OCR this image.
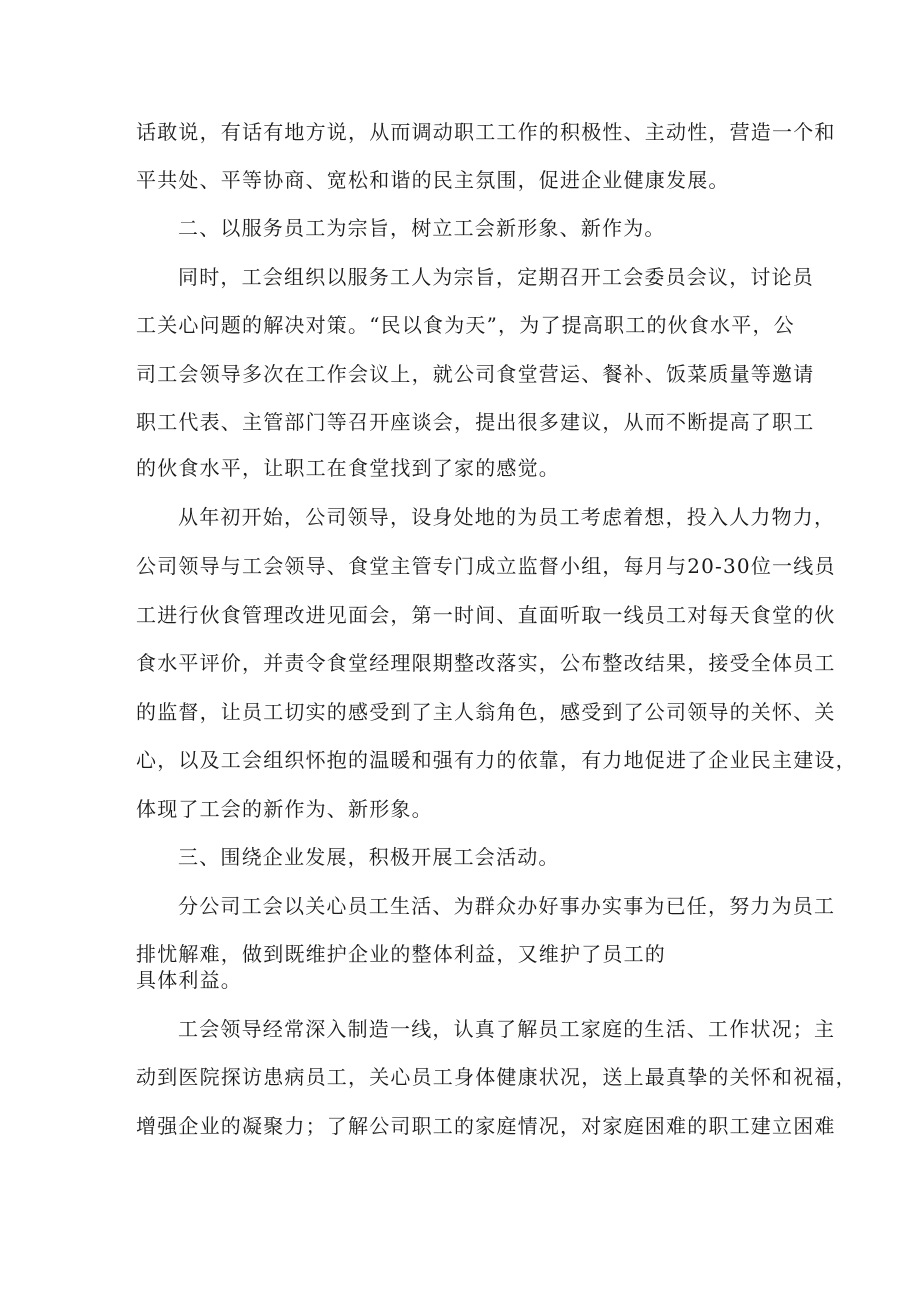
话敢说，有话有地方说，从而调动职工工作的积极性、主动性，营造一个和
平共处、平等协商、宽松和谐的民主氛围，促进企业健康发展。
二、以服务员工为宗旨，树立工会新形象、新作为。
同时，工会组织以服务工人为宗旨，定期召开工会委员会议，讨论员
工关心问题的解决对策。“民以食为天”，为了提高职工的伙食水平，公
司工会领导多次在工作会议上，就公司食堂营运、餐补、饭菜质量等邀请
职工代表、主管部门等召开座谈会，提出很多建议，从而不断提高了职工
的伙食水平，让职工在食堂找到了家的感觉。
从年初开始，公司领导，设身处地的为员工考虑着想，投入人力物力，
公司领导与工会领导、食堂主管专门成立监督小组，每月与20-30位一线员
工进行伙食管理改进见面会，第一时间、直面听取一线员工对每天食堂的伙
食水平评价，并责令食堂经理限期整改落实，公布整改结果，接受全体员工
的监督，让员工切实的感受到了主人翁角色，感受到了公司领导的关怀、关
心，以及工会组织怀抱的温暖和强有力的依靠，有力地促进了企业民主建设，
体现了工会的新作为、新形象。
三、围绕企业发展，积极开展工会活动。
分公司工会以关心员工生活、为群众办好事办实事为已任，努力为员工
排忧解难，做到既维护企业的整体利益，又维护了员工的
具体利益。
工会领导经常深入制造一线，认真了解员工家庭的生活、工作状况；主
动到医院探访患病员工，关心员工身体健康状况，送上最真挚的关怀和祝福，
增强企业的凝聚力；了解公司职工的家庭情况，对家庭困难的职工建立困难
